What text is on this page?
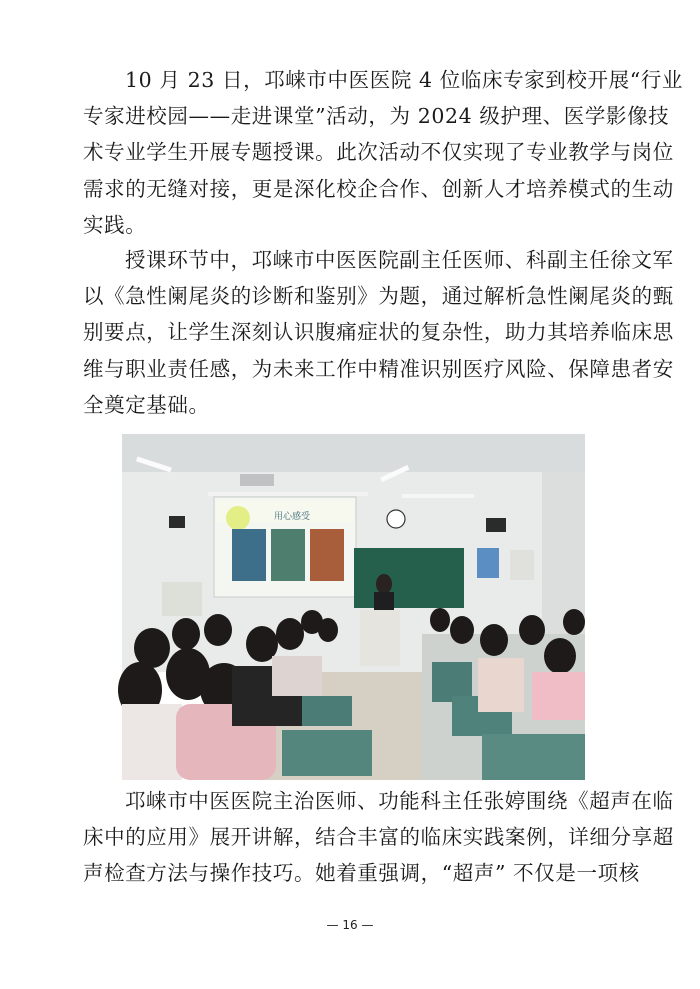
10 月 23 日，邛崃市中医医院 4 位临床专家到校开展“行业
专家进校园——走进课堂”活动，为 2024 级护理、医学影像技
术专业学生开展专题授课。此次活动不仅实现了专业教学与岗位
需求的无缝对接，更是深化校企合作、创新人才培养模式的生动
实践。
授课环节中，邛崃市中医医院副主任医师、科副主任徐文军
以《急性阑尾炎的诊断和鉴别》为题，通过解析急性阑尾炎的甄
别要点，让学生深刻认识腹痛症状的复杂性，助力其培养临床思
维与职业责任感，为未来工作中精准识别医疗风险、保障患者安
全奠定基础。
用心感受
邛崃市中医医院主治医师、功能科主任张婷围绕《超声在临
床中的应用》展开讲解，结合丰富的临床实践案例，详细分享超
声检查方法与操作技巧。她着重强调，“超声” 不仅是一项核
— 16 —
